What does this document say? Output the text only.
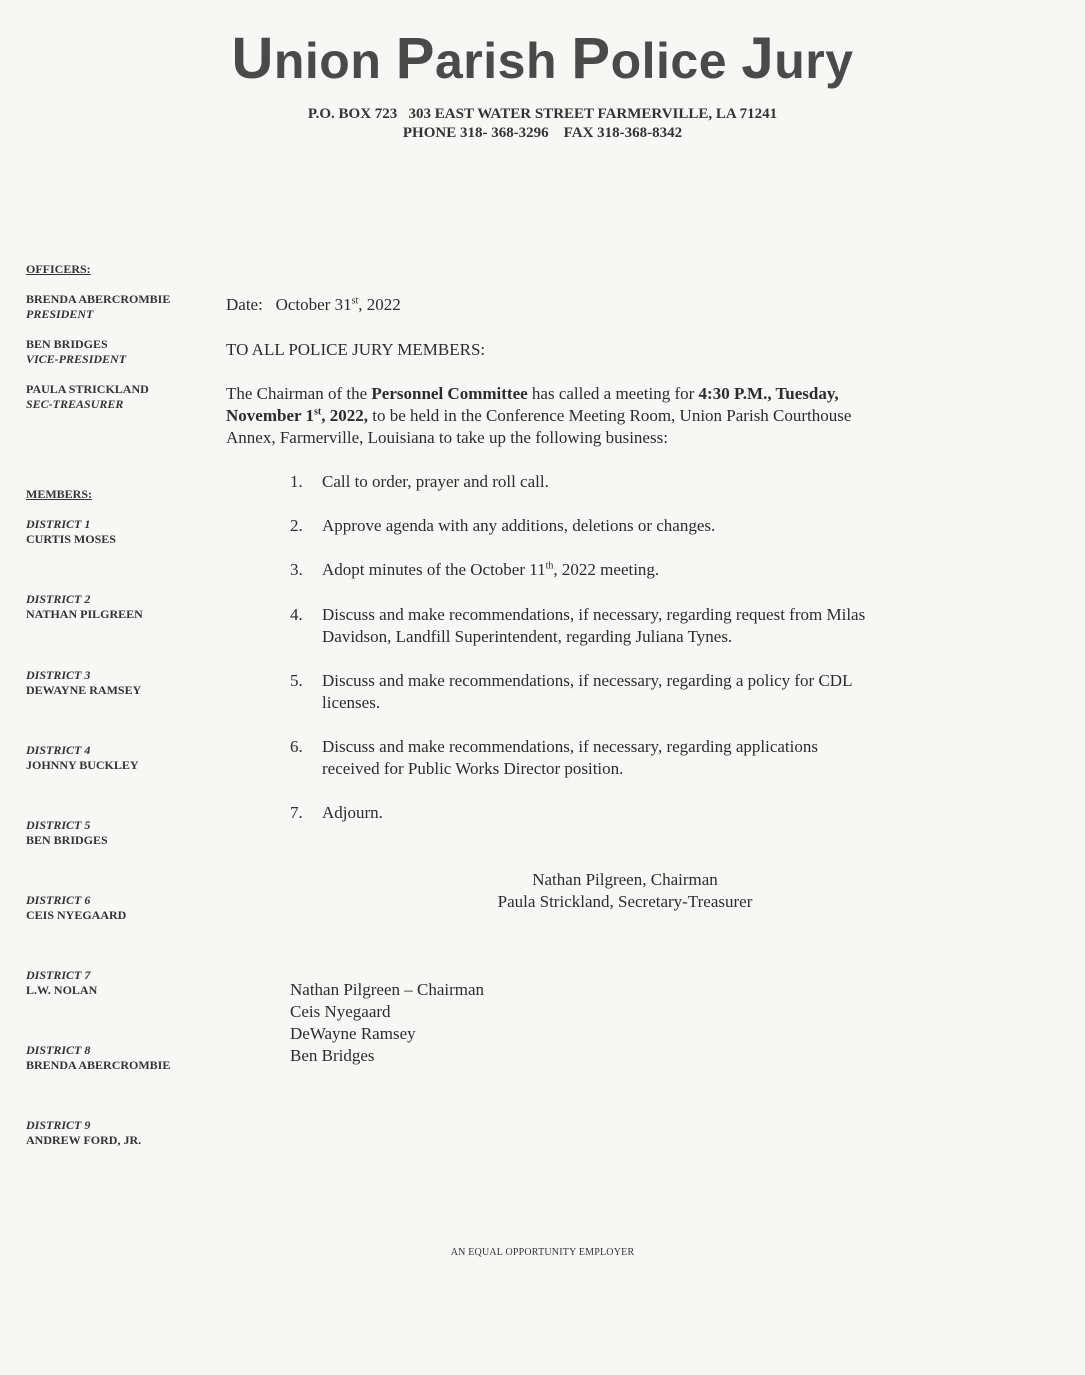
Union Parish Police Jury
P.O. BOX 723   303 EAST WATER STREET FARMERVILLE, LA 71241
PHONE 318- 368-3296    FAX 318-368-8342
OFFICERS:
BRENDA ABERCROMBIE
PRESIDENT
BEN BRIDGES
VICE-PRESIDENT
PAULA STRICKLAND
SEC-TREASURER
MEMBERS:
DISTRICT 1
CURTIS MOSES
DISTRICT 2
NATHAN PILGREEN
DISTRICT 3
DEWAYNE RAMSEY
DISTRICT 4
JOHNNY BUCKLEY
DISTRICT 5
BEN BRIDGES
DISTRICT 6
CEIS NYEGAARD
DISTRICT 7
L.W. NOLAN
DISTRICT 8
BRENDA ABERCROMBIE
DISTRICT 9
ANDREW FORD, JR.
Date: October 31st, 2022
TO ALL POLICE JURY MEMBERS:
The Chairman of the Personnel Committee has called a meeting for 4:30 P.M., Tuesday,
November 1st, 2022, to be held in the Conference Meeting Room, Union Parish Courthouse
Annex, Farmerville, Louisiana to take up the following business:
1. Call to order, prayer and roll call.
2. Approve agenda with any additions, deletions or changes.
3. Adopt minutes of the October 11th, 2022 meeting.
4. Discuss and make recommendations, if necessary, regarding request from Milas
Davidson, Landfill Superintendent, regarding Juliana Tynes.
5. Discuss and make recommendations, if necessary, regarding a policy for CDL
licenses.
6. Discuss and make recommendations, if necessary, regarding applications
received for Public Works Director position.
7. Adjourn.
Nathan Pilgreen, Chairman
Paula Strickland, Secretary-Treasurer
Nathan Pilgreen – Chairman
Ceis Nyegaard
DeWayne Ramsey
Ben Bridges
AN EQUAL OPPORTUNITY EMPLOYER
